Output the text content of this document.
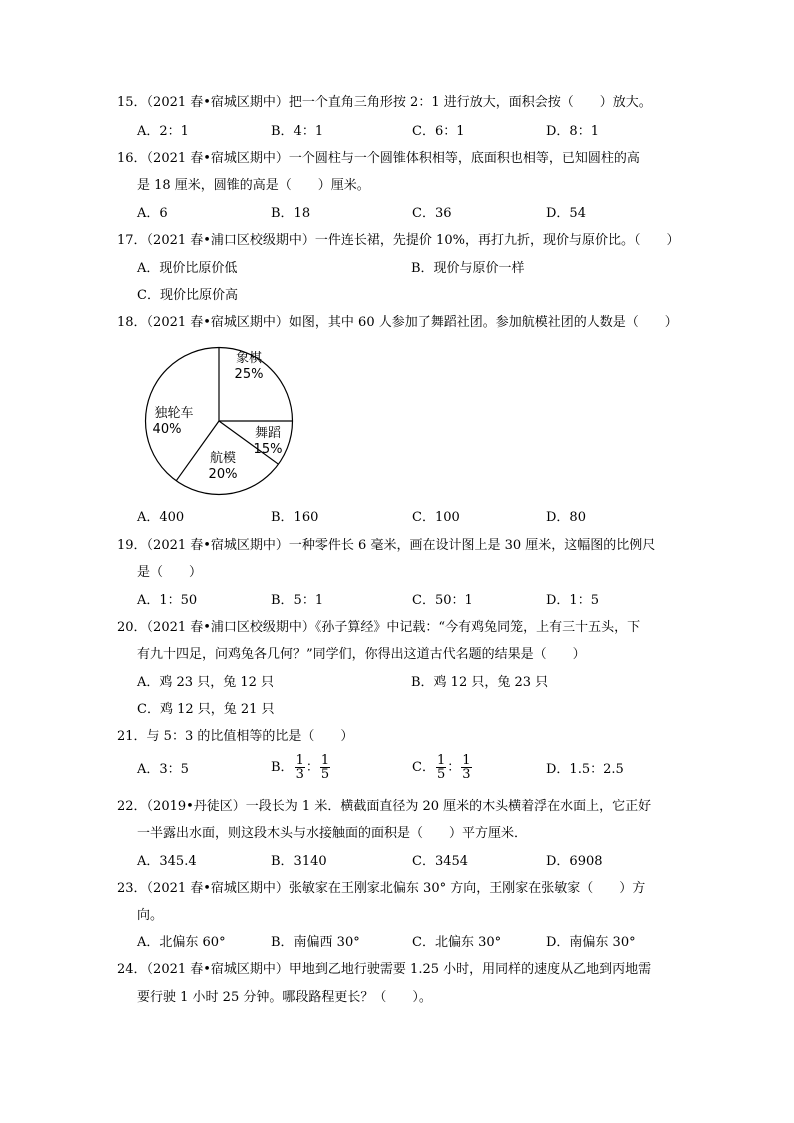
15．（2021 春•宿城区期中）把一个直角三角形按 2：1 进行放大，面积会按（　　）放大。
A．2：1	B．4：1	C．6：1	D．8：1
16．（2021 春•宿城区期中）一个圆柱与一个圆锥体积相等，底面积也相等，已知圆柱的高
是 18 厘米，圆锥的高是（　　）厘米。
A．6	B．18	C．36	D．54
17．（2021 春•浦口区校级期中）一件连长裙，先提价 10%，再打九折，现价与原价比。（　　）
A．现价比原价低	B．现价与原价一样
C．现价比原价高
18．（2021 春•宿城区期中）如图，其中 60 人参加了舞蹈社团。参加航模社团的人数是（　　）
象棋
25%
舞蹈
15%
航模
20%
独轮车
40%
A．400	B．160	C．100	D．80
19．（2021 春•宿城区期中）一种零件长 6 毫米，画在设计图上是 30 厘米，这幅图的比例尺
是（　　）
A．1：50	B．5：1	C．50：1	D．1：5
20．（2021 春•浦口区校级期中）《孙子算经》中记载：“今有鸡兔同笼，上有三十五头，下
有九十四足，问鸡兔各几何？”同学们，你得出这道古代名题的结果是（　　）
A．鸡 23 只，兔 12 只	B．鸡 12 只，兔 23 只
C．鸡 12 只，兔 21 只
21．与 5：3 的比值相等的比是（　　）
A．3：5	B． $\frac{1}{3}$ ： $\frac{1}{5}$	C． $\frac{1}{5}$ ： $\frac{1}{3}$	D．1.5：2.5
22．（2019•丹徒区）一段长为 1 米．横截面直径为 20 厘米的木头横着浮在水面上，它正好
一半露出水面，则这段木头与水接触面的面积是（　　）平方厘米．
A．345.4	B．3140	C．3454	D．6908
23．（2021 春•宿城区期中）张敏家在王刚家北偏东 30° 方向，王刚家在张敏家（　　）方
向。
A．北偏东 60°	B．南偏西 30°	C．北偏东 30°	D．南偏东 30°
24．（2021 春•宿城区期中）甲地到乙地行驶需要 1.25 小时，用同样的速度从乙地到丙地需
要行驶 1 小时 25 分钟。哪段路程更长？（　　）。
